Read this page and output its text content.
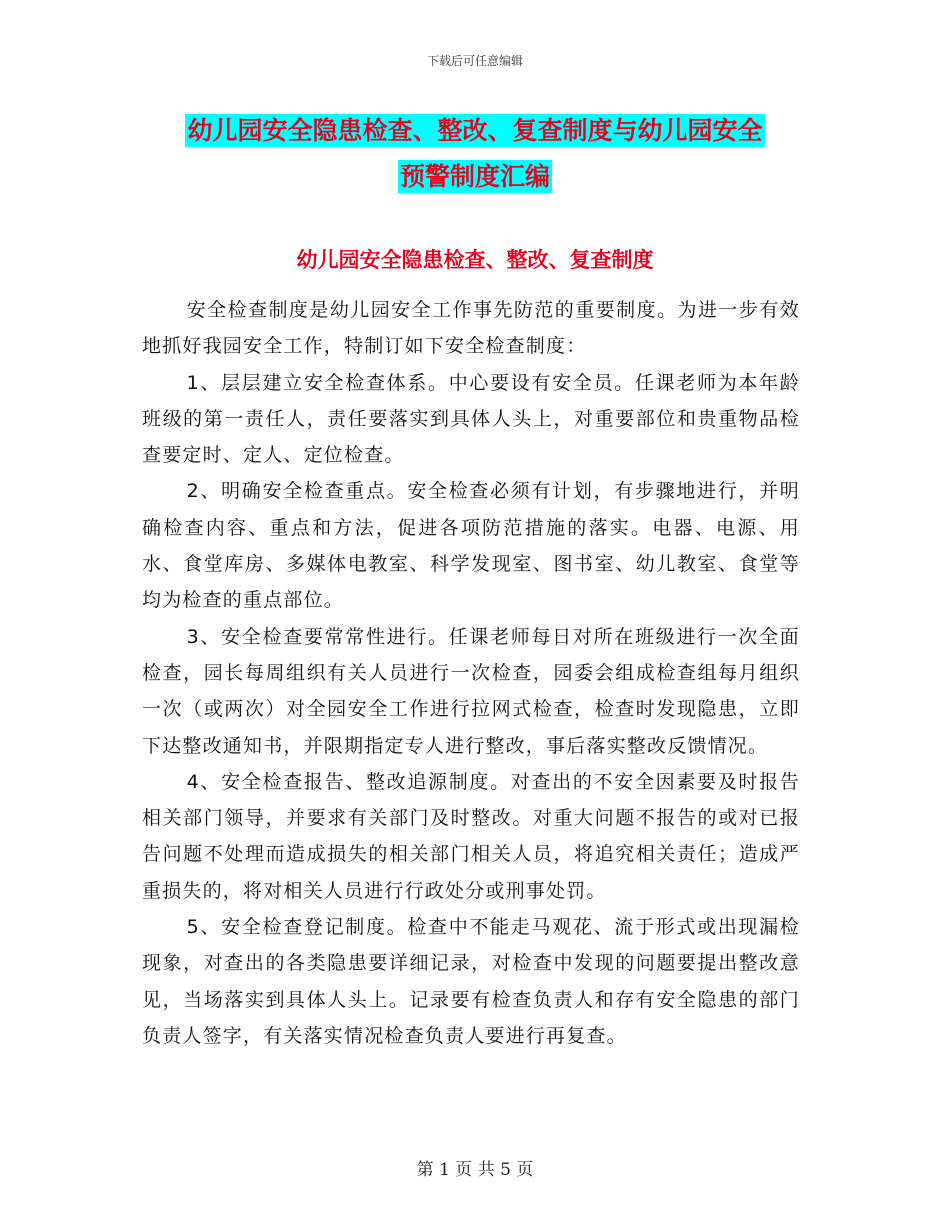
下载后可任意编辑
幼儿园安全隐患检查、整改、复查制度与幼儿园安全
预警制度汇编
幼儿园安全隐患检查、整改、复查制度

安全检查制度是幼儿园安全工作事先防范的重要制度。为进一步有效地抓好我园安全工作，特制订如下安全检查制度：

1、层层建立安全检查体系。中心要设有安全员。任课老师为本年龄班级的第一责任人，责任要落实到具体人头上，对重要部位和贵重物品检查要定时、定人、定位检查。

2、明确安全检查重点。安全检查必须有计划，有步骤地进行，并明确检查内容、重点和方法，促进各项防范措施的落实。电器、电源、用水、食堂库房、多媒体电教室、科学发现室、图书室、幼儿教室、食堂等均为检查的重点部位。

3、安全检查要常常性进行。任课老师每日对所在班级进行一次全面检查，园长每周组织有关人员进行一次检查，园委会组成检查组每月组织一次（或两次）对全园安全工作进行拉网式检查，检查时发现隐患，立即下达整改通知书，并限期指定专人进行整改，事后落实整改反馈情况。

4、安全检查报告、整改追源制度。对查出的不安全因素要及时报告相关部门领导，并要求有关部门及时整改。对重大问题不报告的或对已报告问题不处理而造成损失的相关部门相关人员，将追究相关责任；造成严重损失的，将对相关人员进行行政处分或刑事处罚。

5、安全检查登记制度。检查中不能走马观花、流于形式或出现漏检现象，对查出的各类隐患要详细记录，对检查中发现的问题要提出整改意见，当场落实到具体人头上。记录要有检查负责人和存有安全隐患的部门负责人签字，有关落实情况检查负责人要进行再复查。

第 1 页 共 5 页
